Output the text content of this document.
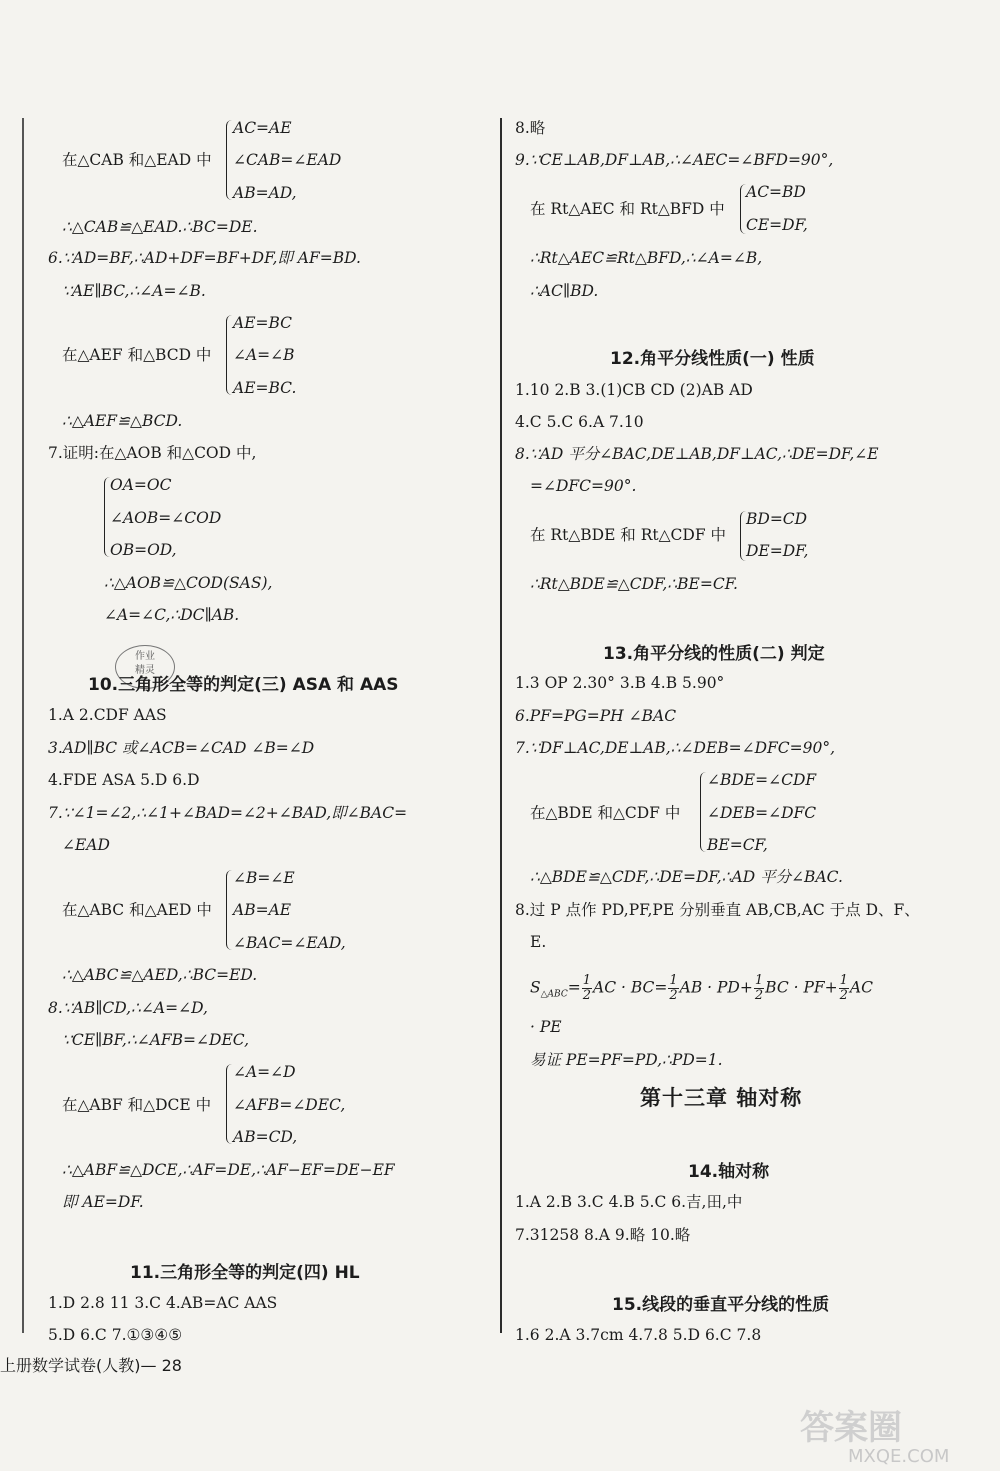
AC=AE
在△CAB 和△EAD 中 ∠CAB=∠EAD
AB=AD,
∴△CAB≌△EAD.∴BC=DE.
6.∵AD=BF,∴AD+DF=BF+DF,即 AF=BD.
∵AE∥BC,∴∠A=∠B.
AE=BC
在△AEF 和△BCD 中 ∠A=∠B
AE=BC.
∴△AEF≌△BCD.
7.证明:在△AOB 和△COD 中,
OA=OC
∠AOB=∠COD
OB=OD,
∴△AOB≌△COD(SAS),
∠A=∠C,∴DC∥AB.
作业
精灵
10.三角形全等的判定(三) ASA 和 AAS
1.A 2.CDF AAS
3.AD∥BC 或∠ACB=∠CAD ∠B=∠D
4.FDE ASA 5.D 6.D
7.∵∠1=∠2,∴∠1+∠BAD=∠2+∠BAD,即∠BAC=
∠EAD
∠B=∠E
在△ABC 和△AED 中 AB=AE
∠BAC=∠EAD,
∴△ABC≌△AED,∴BC=ED.
8.∵AB∥CD,∴∠A=∠D,
∵CE∥BF,∴∠AFB=∠DEC,
∠A=∠D
在△ABF 和△DCE 中 ∠AFB=∠DEC,
AB=CD,
∴△ABF≌△DCE,∴AF=DE,∴AF−EF=DE−EF
即 AE=DF.
11.三角形全等的判定(四) HL
1.D 2.8 11 3.C 4.AB=AC AAS
5.D 6.C 7.①③④⑤
上册数学试卷(人教)— 28
8.略
9.∵CE⊥AB,DF⊥AB,∴∠AEC=∠BFD=90°,
AC=BD
在 Rt△AEC 和 Rt△BFD 中
CE=DF,
∴Rt△AEC≌Rt△BFD,∴∠A=∠B,
∴AC∥BD.
12.角平分线性质(一) 性质
1.10 2.B 3.(1)CB CD (2)AB AD
4.C 5.C 6.A 7.10
8.∵AD 平分∠BAC,DE⊥AB,DF⊥AC,∴DE=DF,∠E
=∠DFC=90°.
BD=CD
在 Rt△BDE 和 Rt△CDF 中
DE=DF,
∴Rt△BDE≌△CDF,∴BE=CF.
13.角平分线的性质(二) 判定
1.3 OP 2.30° 3.B 4.B 5.90°
6.PF=PG=PH ∠BAC
7.∵DF⊥AC,DE⊥AB,∴∠DEB=∠DFC=90°,
∠BDE=∠CDF
在△BDE 和△CDF 中 ∠DEB=∠DFC
BE=CF,
∴△BDE≌△CDF,∴DE=DF,∴AD 平分∠BAC.
8.过 P 点作 PD,PF,PE 分别垂直 AB,CB,AC 于点 D、F、
E.
$S_{\triangle ABC}= \frac{1}{2}$ AC · $BC= \frac{1}{2}$ AB · $PD+ \frac{1}{2}$ BC · $PF+ \frac{1}{2}$ AC
· PE
易证 PE=PF=PD,∴PD=1.
第十三章 轴对称
14.轴对称
1.A 2.B 3.C 4.B 5.C 6.吉,田,中
7.31258 8.A 9.略 10.略
15.线段的垂直平分线的性质
1.6 2.A 3.7cm 4.7.8 5.D 6.C 7.8
答案圈
MXQE.COM
